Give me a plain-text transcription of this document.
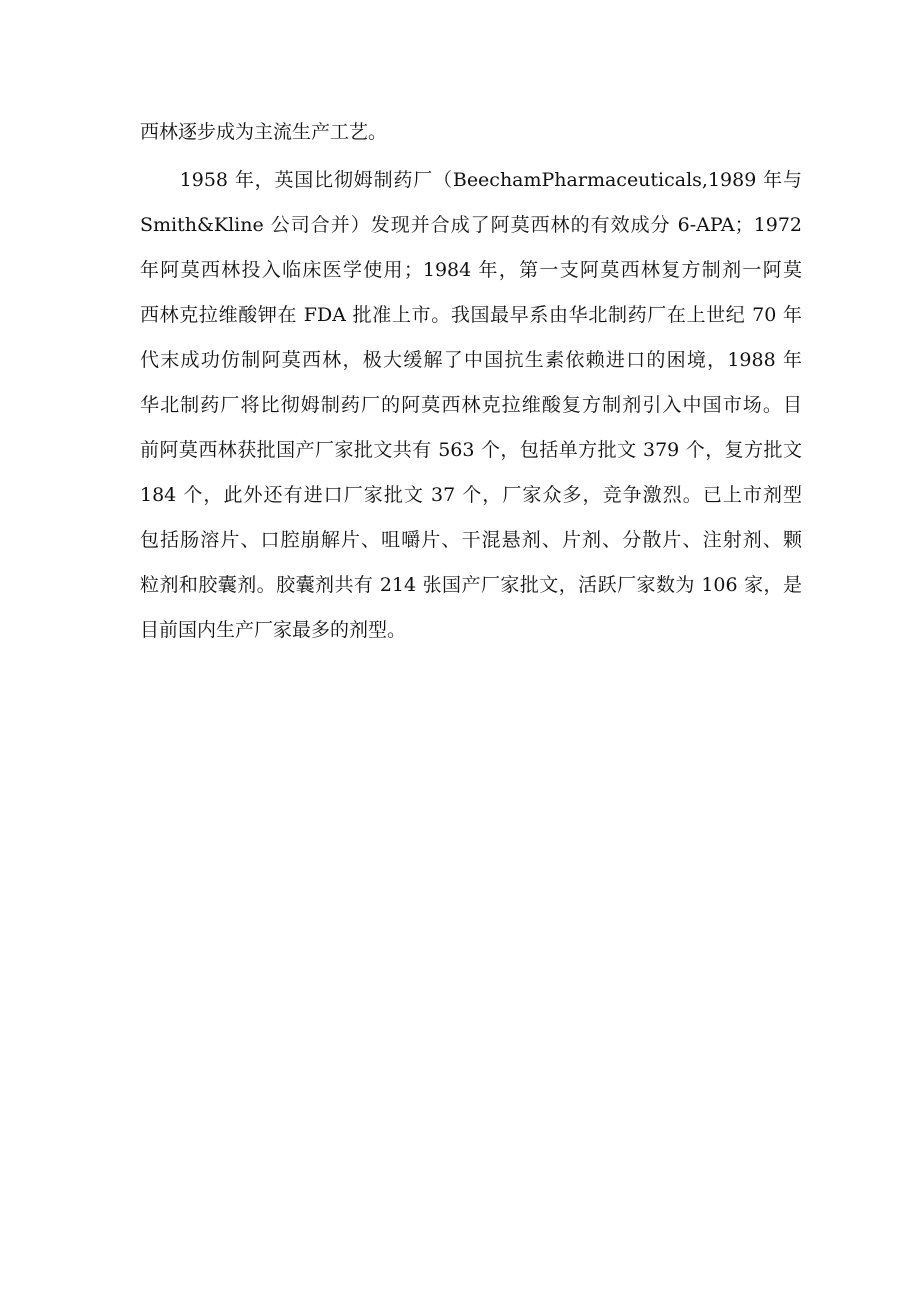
西林逐步成为主流生产工艺。
　　1958 年，英国比彻姆制药厂（BeechamPharmaceuticals,1989 年与
Smith&Kline 公司合并）发现并合成了阿莫西林的有效成分 6-APA；1972
年阿莫西林投入临床医学使用；1984 年，第一支阿莫西林复方制剂一阿莫
西林克拉维酸钾在 FDA 批准上市。我国最早系由华北制药厂在上世纪 70 年
代末成功仿制阿莫西林，极大缓解了中国抗生素依赖进口的困境，1988 年
华北制药厂将比彻姆制药厂的阿莫西林克拉维酸复方制剂引入中国市场。目
前阿莫西林获批国产厂家批文共有 563 个，包括单方批文 379 个，复方批文
184 个，此外还有进口厂家批文 37 个，厂家众多，竞争激烈。已上市剂型
包括肠溶片、口腔崩解片、咀嚼片、干混悬剂、片剂、分散片、注射剂、颗
粒剂和胶囊剂。胶囊剂共有 214 张国产厂家批文，活跃厂家数为 106 家，是
目前国内生产厂家最多的剂型。
